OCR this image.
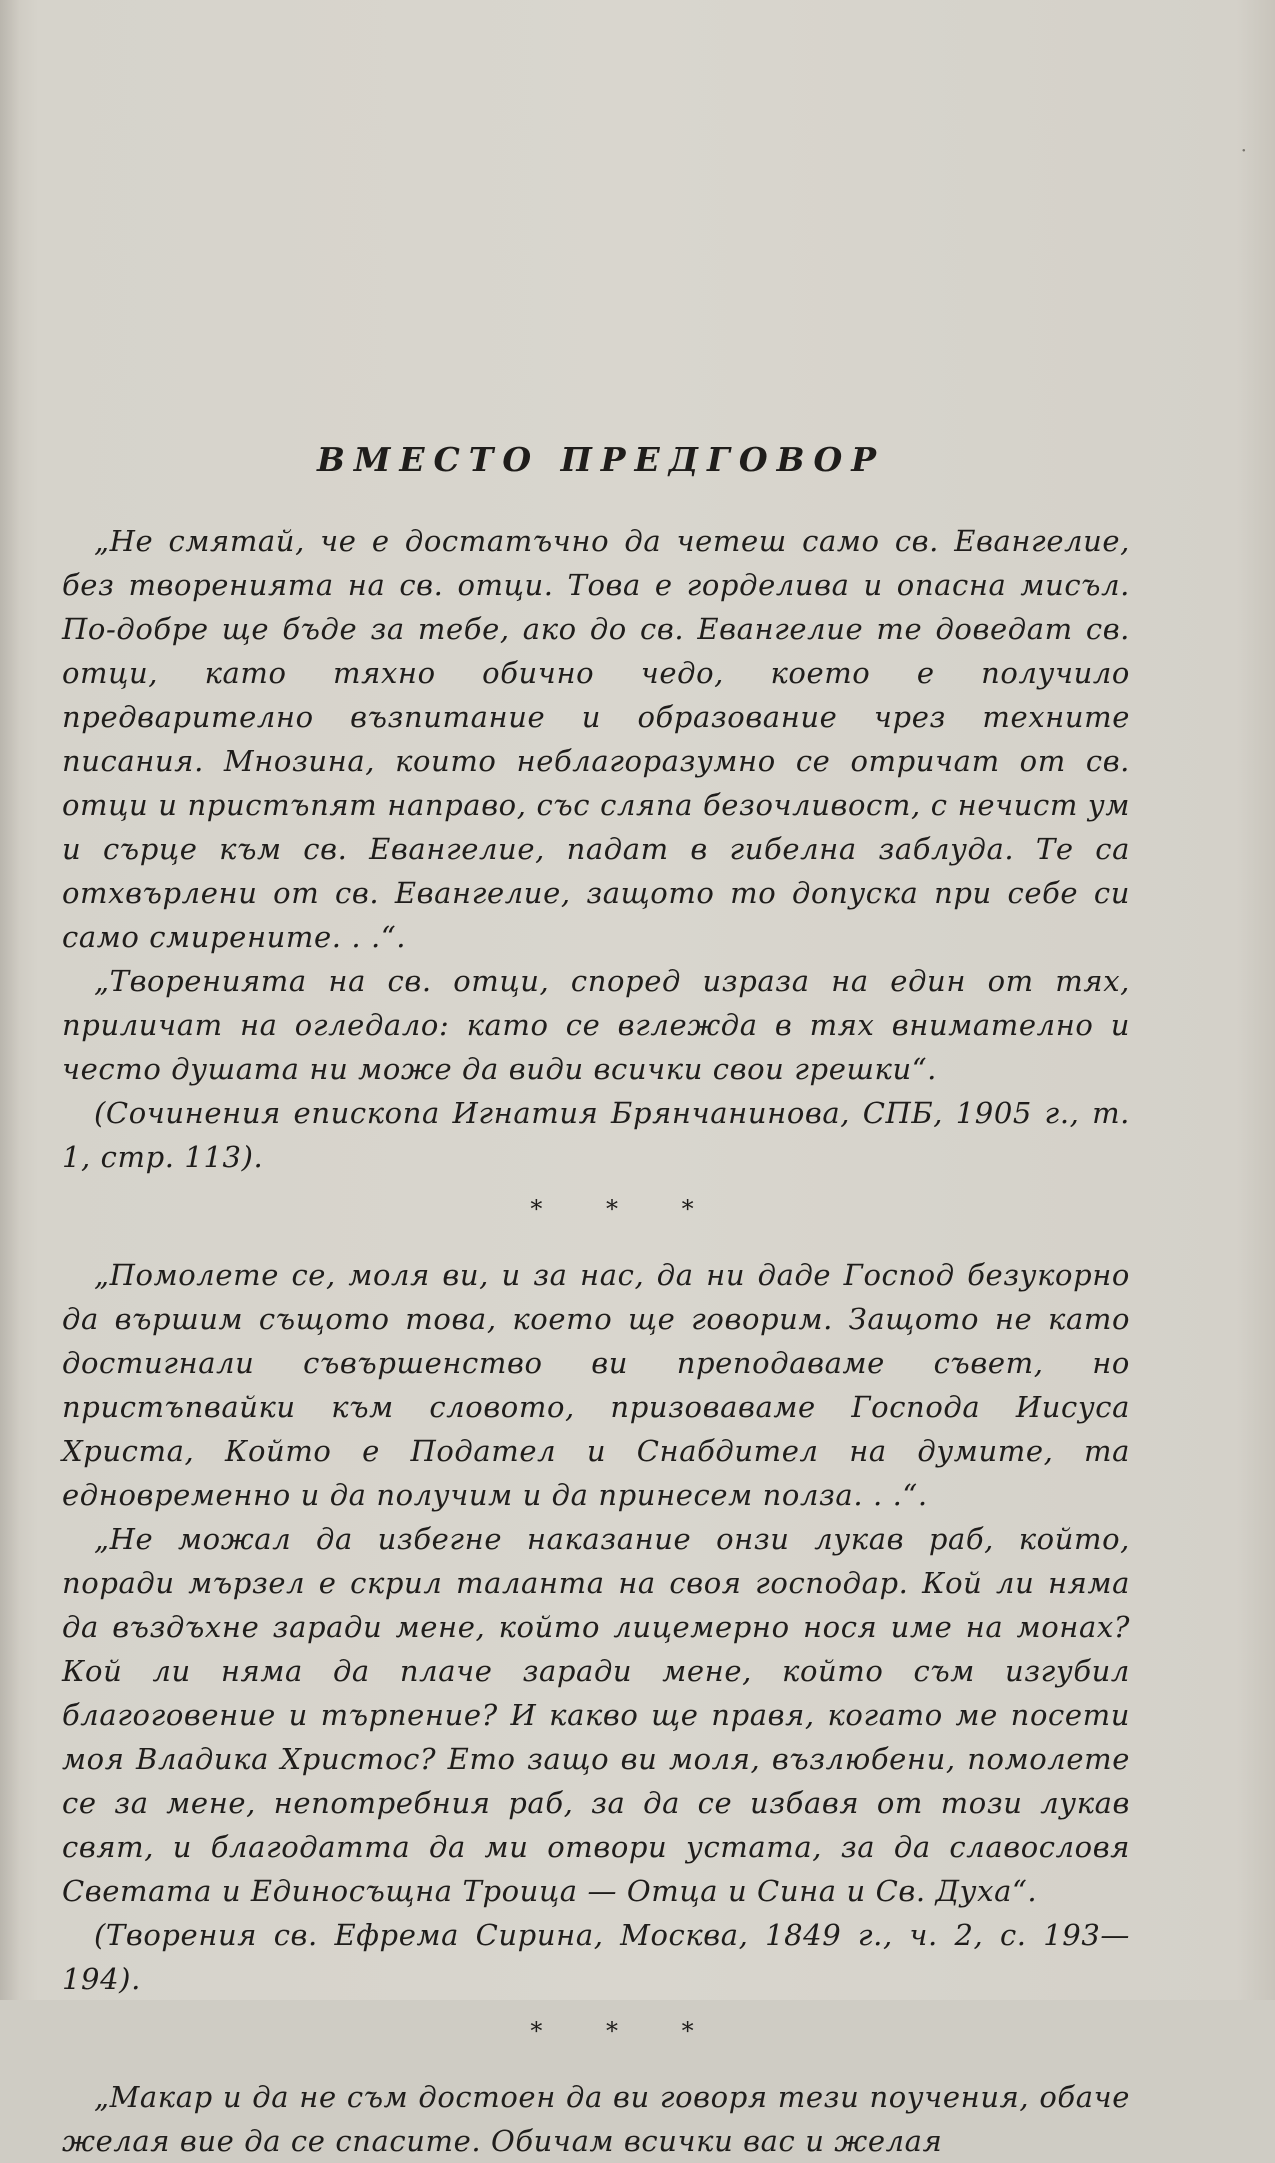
·
ВМЕСТО ПРЕДГОВОР

„Не смятай, че е достатъчно да четеш само св. Евангелие, без творенията на св. отци. Това е горделива и опасна мисъл. По-добре ще бъде за тебе, ако до св. Евангелие те доведат св. отци, като тяхно обично чедо, което е получило предварително възпитание и образование чрез техните писания. Мнозина, които неблагоразумно се отричат от св. отци и пристъпят направо, със сляпа безочливост, с нечист ум и сърце към св. Евангелие, падат в гибелна заблуда. Те са отхвърлени от св. Евангелие, защото то допуска при себе си само смирените. . .“.

„Творенията на св. отци, според израза на един от тях, приличат на огледало: като се вглежда в тях внимателно и често душата ни може да види всички свои грешки“.

(Сочинения епископа Игнатия Брянчанинова, СПБ, 1905 г., т. 1, стр. 113).

* * *

„Помолете се, моля ви, и за нас, да ни даде Господ безукорно да вършим същото това, което ще говорим. Защото не като достигнали съвършенство ви преподаваме съвет, но пристъпвайки към словото, призоваваме Господа Иисуса Христа, Който е Подател и Снабдител на думите, та едновременно и да получим и да принесем полза. . .“.

„Не можал да избегне наказание онзи лукав раб, който, поради мързел е скрил таланта на своя господар. Кой ли няма да въздъхне заради мене, който лицемерно нося име на монах? Кой ли няма да плаче заради мене, който съм изгубил благоговение и търпение? И какво ще правя, когато ме посети моя Владика Христос? Ето защо ви моля, възлюбени, помолете се за мене, непотребния раб, за да се избавя от този лукав свят, и благодатта да ми отвори устата, за да славословя Светата и Единосъщна Троица — Отца и Сина и Св. Духа“.

(Творения св. Ефрема Сирина, Москва, 1849 г., ч. 2, с. 193—194).

* * *

„Макар и да не съм достоен да ви говоря тези поучения, обаче желая вие да се спасите. Обичам всички вас и желая
